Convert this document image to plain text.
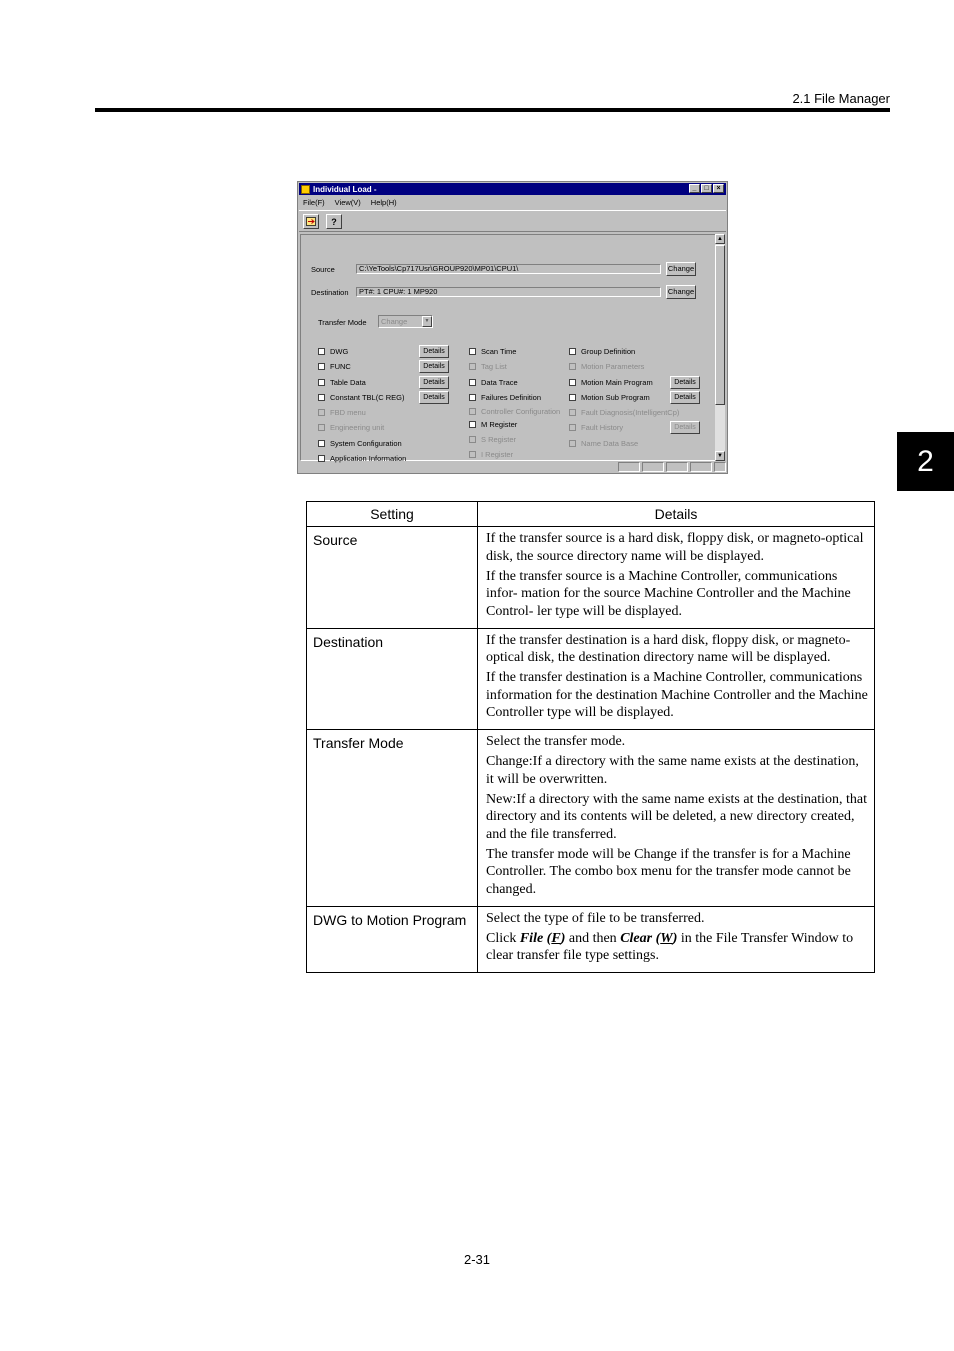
2.1 File Manager
2
Individual Load -	_	□	×
File(F) View(V) Help(H)
?
Source	C:\YeTools\Cp717Usr\GROUP920\MP01\CPU1\	Change
Destination	PT#: 1 CPU#: 1 MP920	Change
Transfer Mode	Change	▼
DWG
FUNC
Table Data
Constant TBL(C REG)
FBD menu
Engineering unit
System Configuration
Application Information
Details
Details
Details
Details
Scan Time
Tag List
Data Trace
Failures Definition
Controller Configuration
M Register
S Register
I Register
Group Definition
Motion Parameters
Motion Main Program
Motion Sub Program
Fault Diagnosis(IntelligentCp)
Fault History
Name Data Base
Details
Details
Details
▲
▼
Setting	Details
Source	If the transfer source is a hard disk, floppy disk, or magneto-optical disk, the source directory name will be displayed.

If the transfer source is a Machine Controller, communications infor- mation for the source Machine Controller and the Machine Control- ler type will be displayed.

Destination	If the transfer destination is a hard disk, floppy disk, or magneto- optical disk, the destination directory name will be displayed.

If the transfer destination is a Machine Controller, communications information for the destination Machine Controller and the Machine Controller type will be displayed.

Transfer Mode	Select the transfer mode.

Change:If a directory with the same name exists at the destination, it will be overwritten.

New:If a directory with the same name exists at the destination, that directory and its contents will be deleted, a new directory created, and the file transferred.

The transfer mode will be Change if the transfer is for a Machine Controller. The combo box menu for the transfer mode cannot be changed.

DWG to Motion Program	Select the type of file to be transferred.

Click File (F) and then Clear (W) in the File Transfer Window to clear transfer file type settings.

2-31
